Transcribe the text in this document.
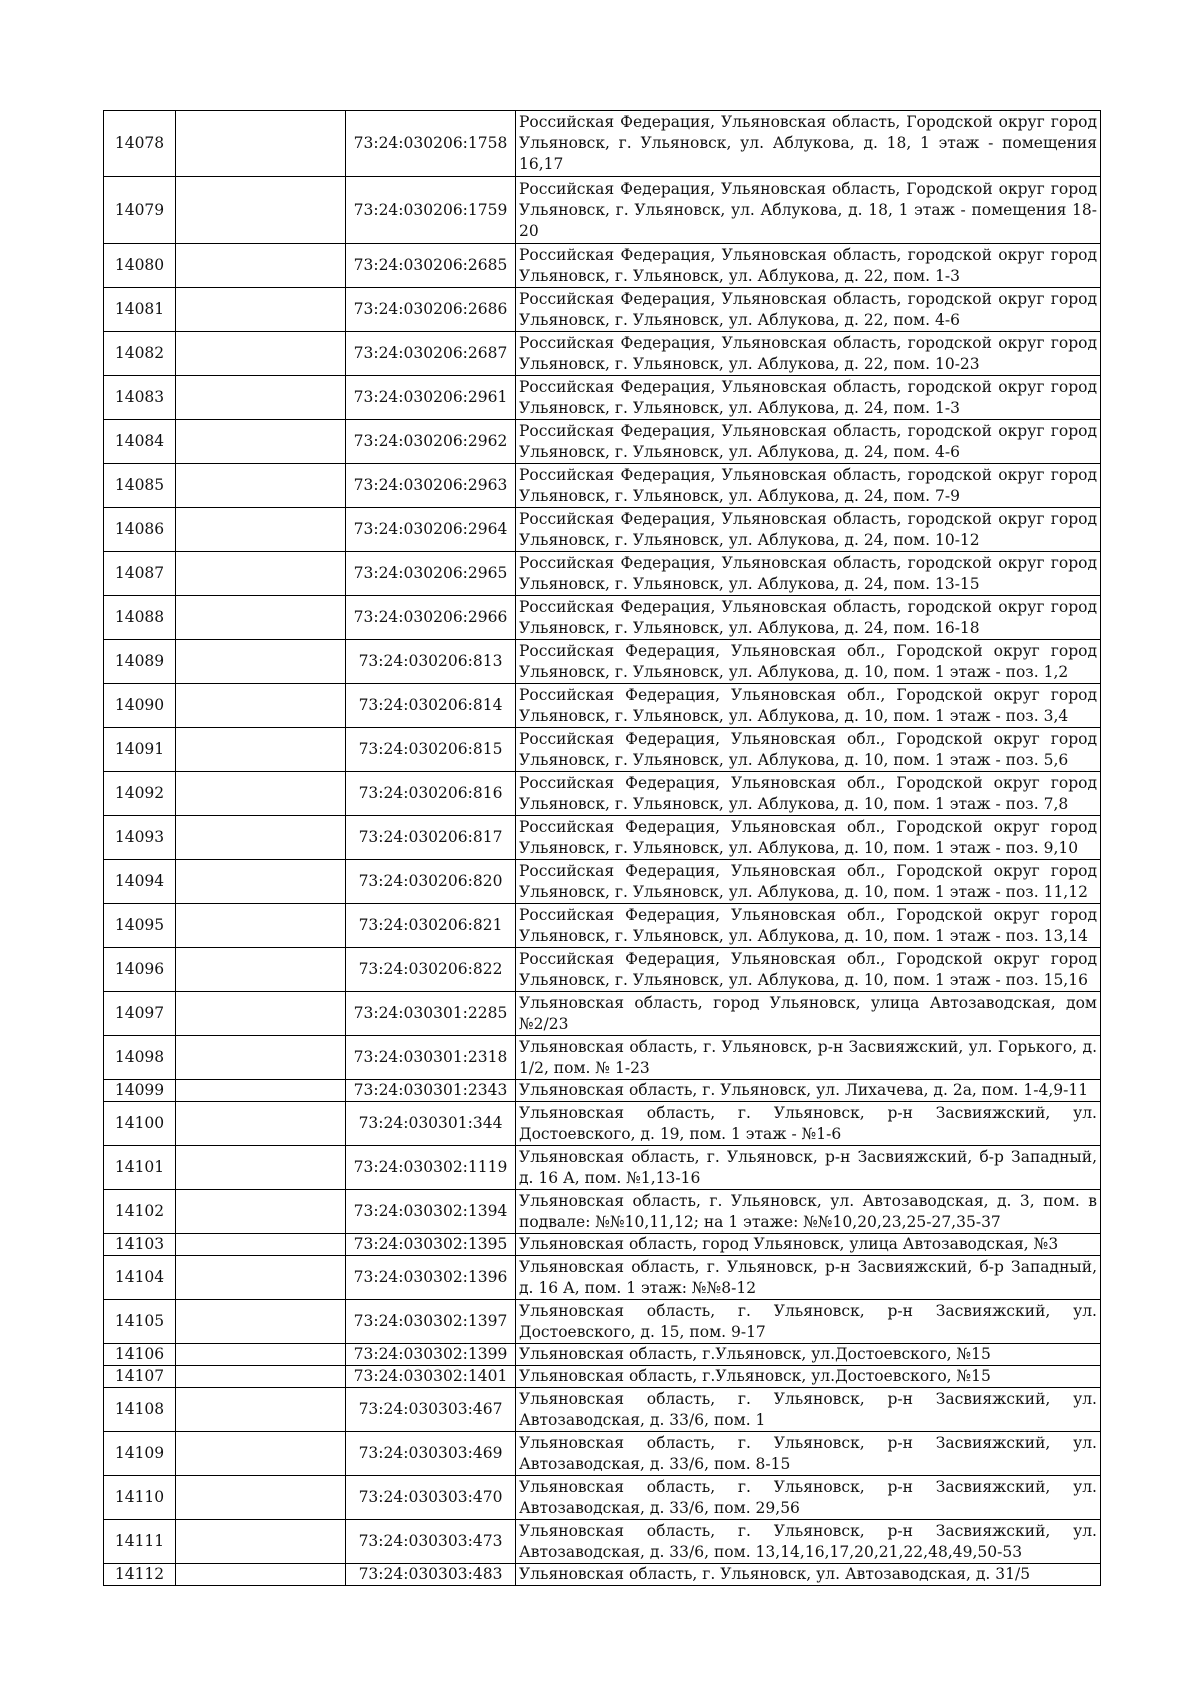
14078		73:24:030206:1758	Российская Федерация, Ульяновская область, Городской округ город Ульяновск, г. Ульяновск, ул. Аблукова, д. 18, 1 этаж - помещения 16,17
14079		73:24:030206:1759	Российская Федерация, Ульяновская область, Городской округ город Ульяновск, г. Ульяновск, ул. Аблукова, д. 18, 1 этаж - помещения 18-20
14080		73:24:030206:2685	Российская Федерация, Ульяновская область, городской округ город Ульяновск, г. Ульяновск, ул. Аблукова, д. 22, пом. 1-3
14081		73:24:030206:2686	Российская Федерация, Ульяновская область, городской округ город Ульяновск, г. Ульяновск, ул. Аблукова, д. 22, пом. 4-6
14082		73:24:030206:2687	Российская Федерация, Ульяновская область, городской округ город Ульяновск, г. Ульяновск, ул. Аблукова, д. 22, пом. 10-23
14083		73:24:030206:2961	Российская Федерация, Ульяновская область, городской округ город Ульяновск, г. Ульяновск, ул. Аблукова, д. 24, пом. 1-3
14084		73:24:030206:2962	Российская Федерация, Ульяновская область, городской округ город Ульяновск, г. Ульяновск, ул. Аблукова, д. 24, пом. 4-6
14085		73:24:030206:2963	Российская Федерация, Ульяновская область, городской округ город Ульяновск, г. Ульяновск, ул. Аблукова, д. 24, пом. 7-9
14086		73:24:030206:2964	Российская Федерация, Ульяновская область, городской округ город Ульяновск, г. Ульяновск, ул. Аблукова, д. 24, пом. 10-12
14087		73:24:030206:2965	Российская Федерация, Ульяновская область, городской округ город Ульяновск, г. Ульяновск, ул. Аблукова, д. 24, пом. 13-15
14088		73:24:030206:2966	Российская Федерация, Ульяновская область, городской округ город Ульяновск, г. Ульяновск, ул. Аблукова, д. 24, пом. 16-18
14089		73:24:030206:813	Российская Федерация, Ульяновская обл., Городской округ город Ульяновск, г. Ульяновск, ул. Аблукова, д. 10, пом. 1 этаж - поз. 1,2
14090		73:24:030206:814	Российская Федерация, Ульяновская обл., Городской округ город Ульяновск, г. Ульяновск, ул. Аблукова, д. 10, пом. 1 этаж - поз. 3,4
14091		73:24:030206:815	Российская Федерация, Ульяновская обл., Городской округ город Ульяновск, г. Ульяновск, ул. Аблукова, д. 10, пом. 1 этаж - поз. 5,6
14092		73:24:030206:816	Российская Федерация, Ульяновская обл., Городской округ город Ульяновск, г. Ульяновск, ул. Аблукова, д. 10, пом. 1 этаж - поз. 7,8
14093		73:24:030206:817	Российская Федерация, Ульяновская обл., Городской округ город Ульяновск, г. Ульяновск, ул. Аблукова, д. 10, пом. 1 этаж - поз. 9,10
14094		73:24:030206:820	Российская Федерация, Ульяновская обл., Городской округ город Ульяновск, г. Ульяновск, ул. Аблукова, д. 10, пом. 1 этаж - поз. 11,12
14095		73:24:030206:821	Российская Федерация, Ульяновская обл., Городской округ город Ульяновск, г. Ульяновск, ул. Аблукова, д. 10, пом. 1 этаж - поз. 13,14
14096		73:24:030206:822	Российская Федерация, Ульяновская обл., Городской округ город Ульяновск, г. Ульяновск, ул. Аблукова, д. 10, пом. 1 этаж - поз. 15,16
14097		73:24:030301:2285	Ульяновская область, город Ульяновск, улица Автозаводская, дом №2/23
14098		73:24:030301:2318	Ульяновская область, г. Ульяновск, р-н Засвияжский, ул. Горького, д. 1/2, пом. № 1-23
14099		73:24:030301:2343	Ульяновская область, г. Ульяновск, ул. Лихачева, д. 2а, пом. 1-4,9-11
14100		73:24:030301:344	Ульяновская область, г. Ульяновск, р-н Засвияжский, ул. Достоевского, д. 19, пом. 1 этаж - №1-6
14101		73:24:030302:1119	Ульяновская область, г. Ульяновск, р-н Засвияжский, б-р Западный, д. 16 А, пом. №1,13-16
14102		73:24:030302:1394	Ульяновская область, г. Ульяновск, ул. Автозаводская, д. 3, пом. в подвале: №№10,11,12; на 1 этаже: №№10,20,23,25-27,35-37
14103		73:24:030302:1395	Ульяновская область, город Ульяновск, улица Автозаводская, №3
14104		73:24:030302:1396	Ульяновская область, г. Ульяновск, р-н Засвияжский, б-р Западный, д. 16 А, пом. 1 этаж: №№8-12
14105		73:24:030302:1397	Ульяновская область, г. Ульяновск, р-н Засвияжский, ул. Достоевского, д. 15, пом. 9-17
14106		73:24:030302:1399	Ульяновская область, г.Ульяновск, ул.Достоевского, №15
14107		73:24:030302:1401	Ульяновская область, г.Ульяновск, ул.Достоевского, №15
14108		73:24:030303:467	Ульяновская область, г. Ульяновск, р-н Засвияжский, ул. Автозаводская, д. 33/6, пом. 1
14109		73:24:030303:469	Ульяновская область, г. Ульяновск, р-н Засвияжский, ул. Автозаводская, д. 33/6, пом. 8-15
14110		73:24:030303:470	Ульяновская область, г. Ульяновск, р-н Засвияжский, ул. Автозаводская, д. 33/6, пом. 29,56
14111		73:24:030303:473	Ульяновская область, г. Ульяновск, р-н Засвияжский, ул. Автозаводская, д. 33/6, пом. 13,14,16,17,20,21,22,48,49,50-53
14112		73:24:030303:483	Ульяновская область, г. Ульяновск, ул. Автозаводская, д. 31/5
